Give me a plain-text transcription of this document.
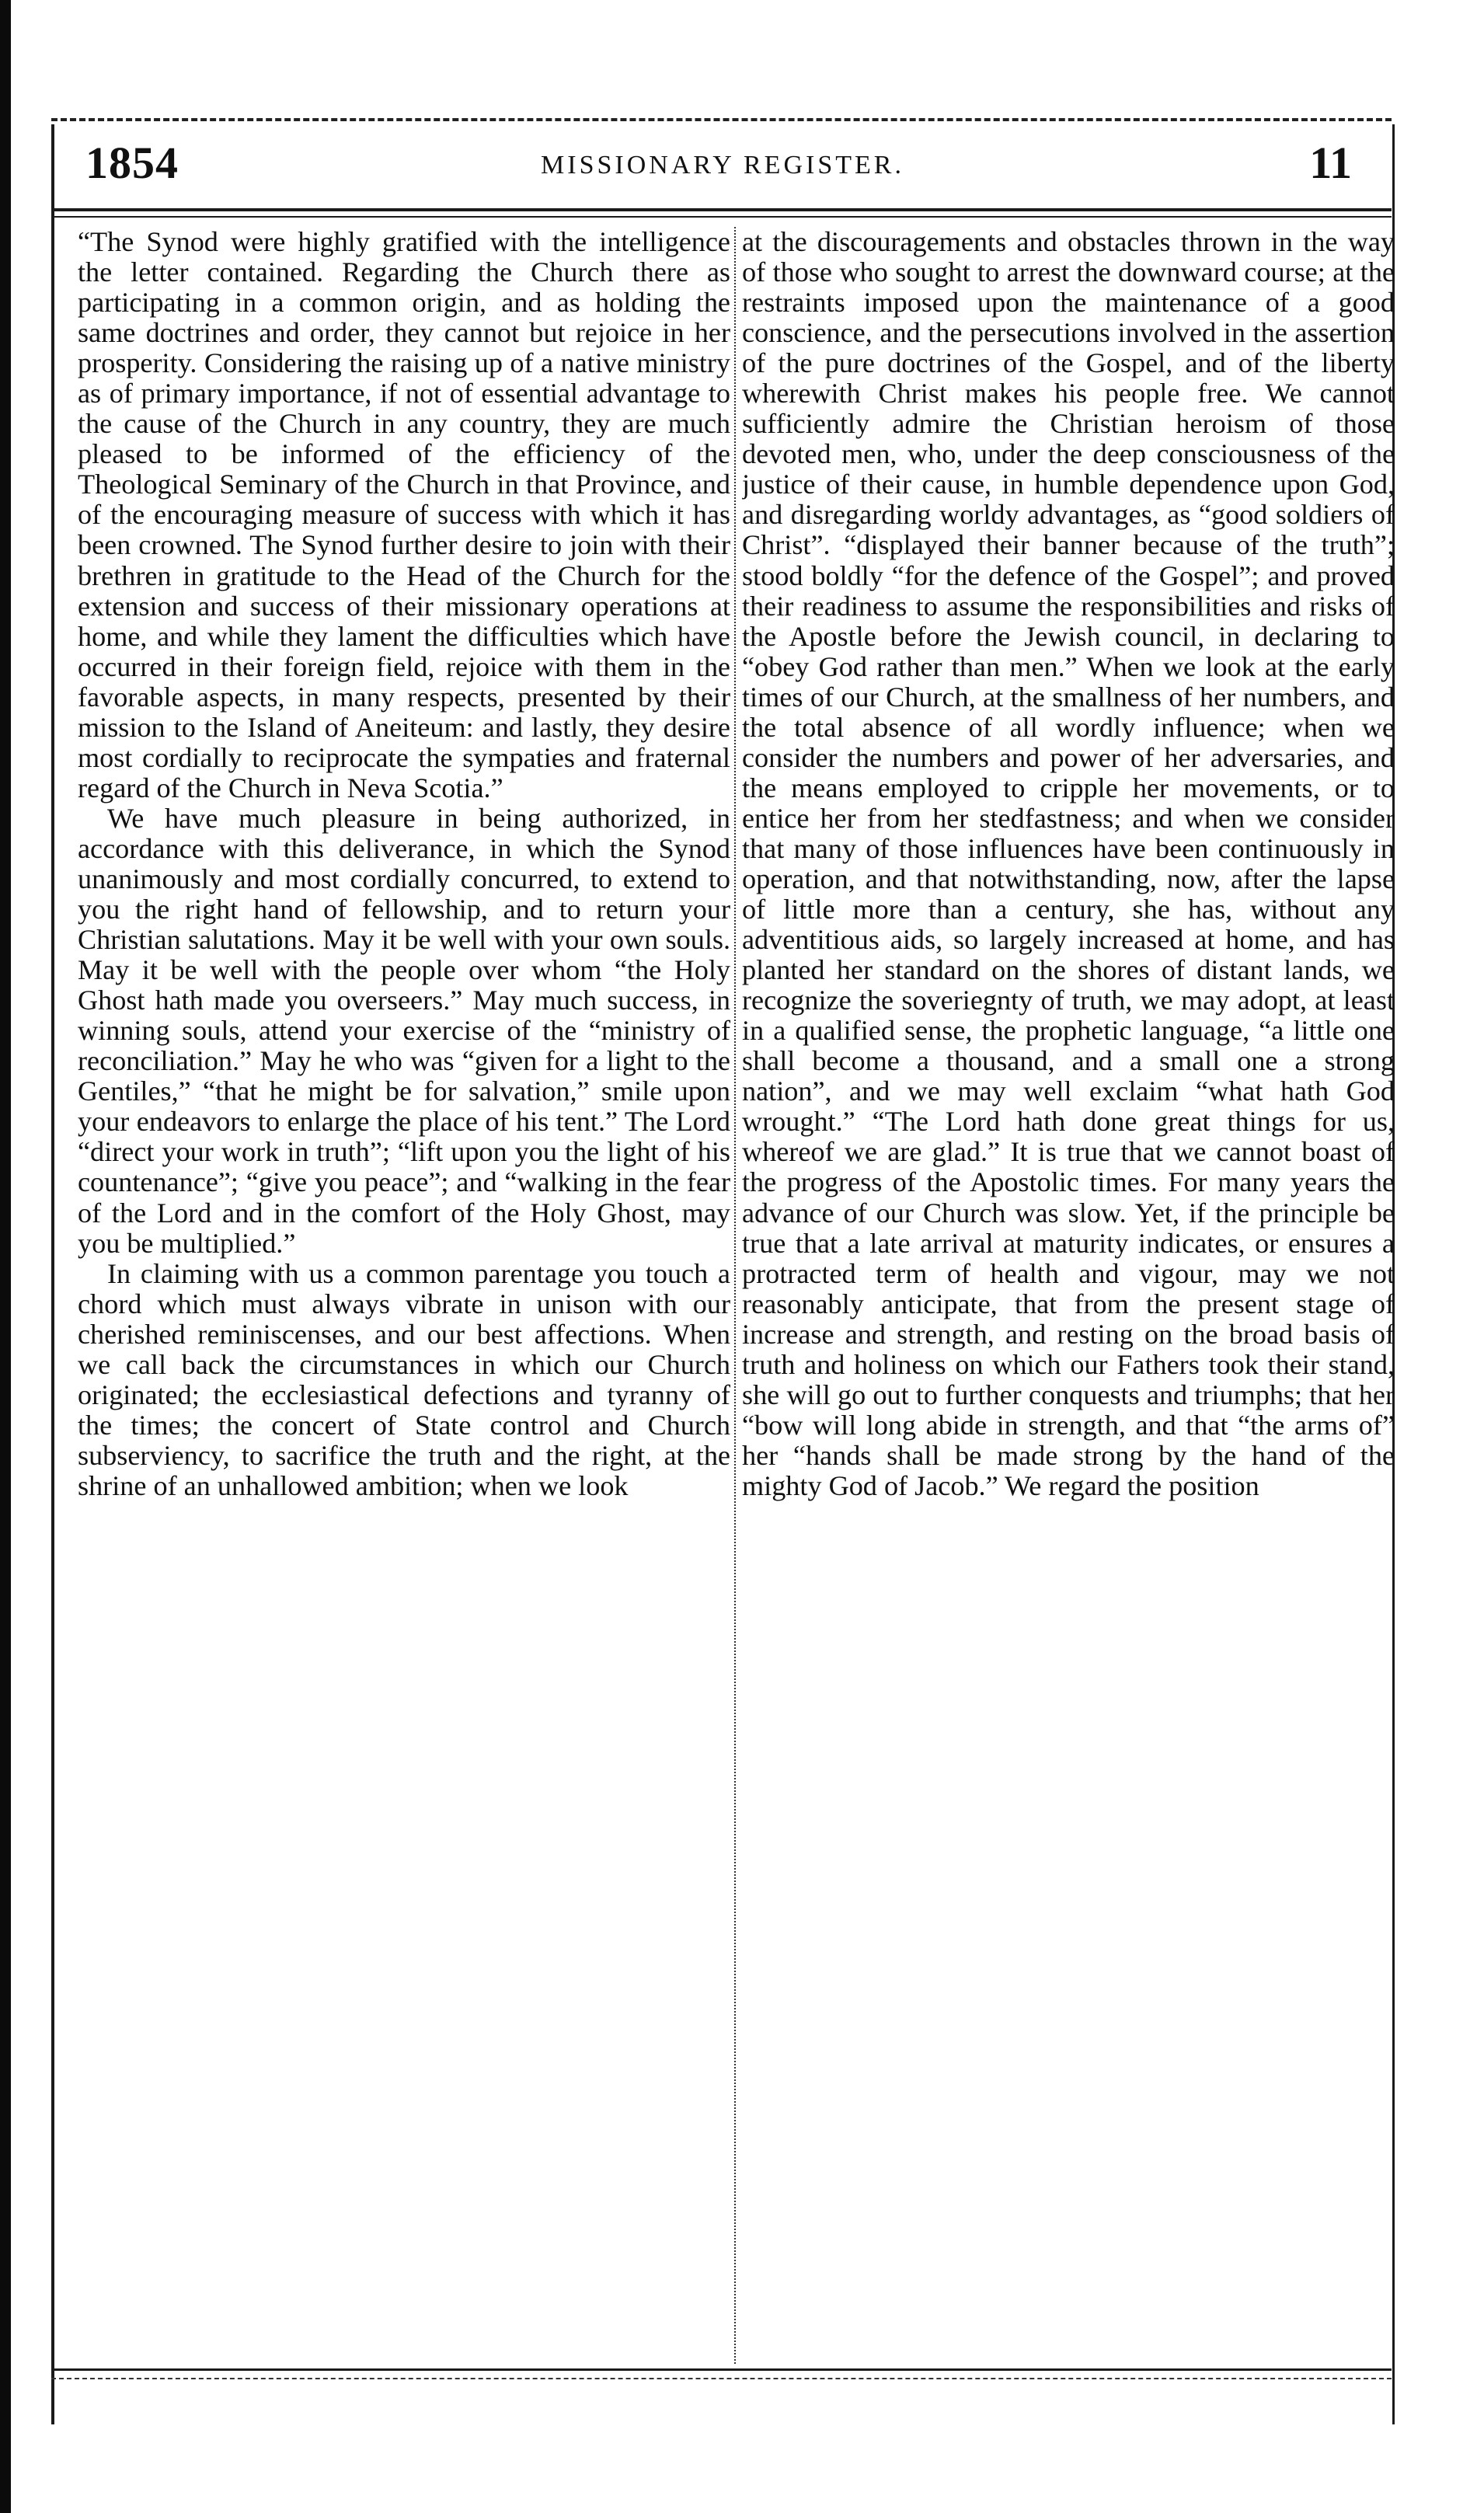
1854	MISSIONARY REGISTER.	11

“The Synod were highly gratified with the intelligence the letter contained. Regarding the Church there as participating in a common origin, and as holding the same doctrines and order, they cannot but rejoice in her prosperity. Considering the raising up of a native ministry as of primary importance, if not of essential advantage to the cause of the Church in any country, they are much pleased to be informed of the efficiency of the Theological Seminary of the Church in that Province, and of the encouraging measure of success with which it has been crowned. The Synod further desire to join with their brethren in gratitude to the Head of the Church for the extension and success of their missionary operations at home, and while they lament the difficulties which have occurred in their foreign field, rejoice with them in the favorable aspects, in many respects, presented by their mission to the Island of Aneiteum: and lastly, they desire most cordially to reciprocate the sympaties and fraternal regard of the Church in Neva Scotia.”

We have much pleasure in being authorized, in accordance with this deliverance, in which the Synod unanimously and most cordially concurred, to extend to you the right hand of fellowship, and to return your Christian salutations. May it be well with your own souls. May it be well with the people over whom “the Holy Ghost hath made you overseers.” May much success, in winning souls, attend your exercise of the “ministry of reconciliation.” May he who was “given for a light to the Gentiles,” “that he might be for salvation,” smile upon your endeavors to enlarge the place of his tent.” The Lord “direct your work in truth”; “lift upon you the light of his countenance”; “give you peace”; and “walking in the fear of the Lord and in the comfort of the Holy Ghost, may you be multiplied.”

In claiming with us a common parentage you touch a chord which must always vibrate in unison with our cherished reminiscenses, and our best affections. When we call back the circumstances in which our Church originated; the ecclesiastical defections and tyranny of the times; the concert of State control and Church subserviency, to sacrifice the truth and the right, at the shrine of an unhallowed ambition; when we look

at the discouragements and obstacles thrown in the way of those who sought to arrest the downward course; at the restraints imposed upon the maintenance of a good conscience, and the persecutions involved in the assertion of the pure doctrines of the Gospel, and of the liberty wherewith Christ makes his people free. We cannot sufficiently admire the Christian heroism of those devoted men, who, under the deep consciousness of the justice of their cause, in humble dependence upon God, and disregarding worldy advantages, as “good soldiers of Christ”. “displayed their banner because of the truth”; stood boldly “for the defence of the Gospel”; and proved their readiness to assume the responsibilities and risks of the Apostle before the Jewish council, in declaring to “obey God rather than men.” When we look at the early times of our Church, at the smallness of her numbers, and the total absence of all wordly influence; when we consider the numbers and power of her adversaries, and the means employed to cripple her movements, or to entice her from her stedfastness; and when we consider that many of those influences have been continuously in operation, and that notwithstanding, now, after the lapse of little more than a century, she has, without any adventitious aids, so largely increased at home, and has planted her standard on the shores of distant lands, we recognize the soveriegnty of truth, we may adopt, at least in a qualified sense, the prophetic language, “a little one shall become a thousand, and a small one a strong nation”, and we may well exclaim “what hath God wrought.” “The Lord hath done great things for us, whereof we are glad.” It is true that we cannot boast of the progress of the Apostolic times. For many years the advance of our Church was slow. Yet, if the principle be true that a late arrival at maturity indicates, or ensures a protracted term of health and vigour, may we not reasonably anticipate, that from the present stage of increase and strength, and resting on the broad basis of truth and holiness on which our Fathers took their stand, she will go out to further conquests and triumphs; that her “bow will long abide in strength, and that “the arms of” her “hands shall be made strong by the hand of the mighty God of Jacob.” We regard the position
